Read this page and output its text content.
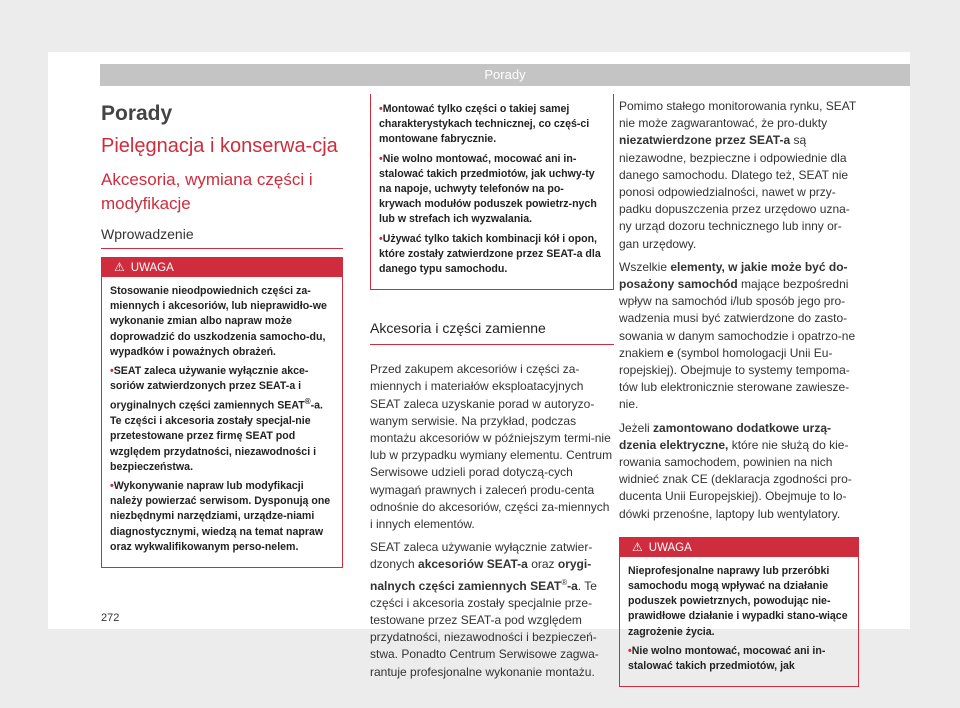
Porady
Porady
Pielęgnacja i konserwa-cja
Akcesoria, wymiana części i modyfikacje
Wprowadzenie
⚠ UWAGA

Stosowanie nieodpowiednich części za-miennych i akcesoriów, lub nieprawidło-we wykonanie zmian albo napraw może doprowadzić do uszkodzenia samocho-du, wypadków i poważnych obrażeń.

• SEAT zaleca używanie wyłącznie akce-soriów zatwierdzonych przez SEAT-a i oryginalnych części zamiennych SEAT®-a. Te części i akcesoria zostały specjal-nie przetestowane przez firmę SEAT pod względem przydatności, niezawodności i bezpieczeństwa.

• Wykonywanie napraw lub modyfikacji należy powierzać serwisom. Dysponują one niezbędnymi narzędziami, urządze-niami diagnostycznymi, wiedzą na temat napraw oraz wykwalifikowanym perso-nelem.

• Montować tylko części o takiej samej charakterystykach technicznej, co częś-ci montowane fabrycznie.

• Nie wolno montować, mocować ani in-stalować takich przedmiotów, jak uchwy-ty na napoje, uchwyty telefonów na po-krywach modułów poduszek powietrz-nych lub w strefach ich wyzwalania.

• Używać tylko takich kombinacji kół i opon, które zostały zatwierdzone przez SEAT-a dla danego typu samochodu.

Akcesoria i części zamienne

Przed zakupem akcesoriów i części za-miennych i materiałów eksploatacyjnych SEAT zaleca uzyskanie porad w autoryzo-wanym serwisie. Na przykład, podczas montażu akcesoriów w późniejszym termi-nie lub w przypadku wymiany elementu. Centrum Serwisowe udzieli porad dotyczą-cych wymagań prawnych i zaleceń produ-centa odnośnie do akcesoriów, części za-miennych i innych elementów.

SEAT zaleca używanie wyłącznie zatwier-dzonych akcesoriów SEAT-a oraz orygi-nalnych części zamiennych SEAT®-a. Te części i akcesoria zostały specjalnie prze-testowane przez SEAT-a pod względem przydatności, niezawodności i bezpieczeń-stwa. Ponadto Centrum Serwisowe zagwa-rantuje profesjonalne wykonanie montażu.

Pomimo stałego monitorowania rynku, SEAT nie może zagwarantować, że pro-dukty niezatwierdzone przez SEAT-a są niezawodne, bezpieczne i odpowiednie dla danego samochodu. Dlatego też, SEAT nie ponosi odpowiedzialności, nawet w przy-padku dopuszczenia przez urzędowo uzna-ny urząd dozoru technicznego lub inny or-gan urzędowy.

Wszelkie elementy, w jakie może być do-posażony samochód mające bezpośredni wpływ na samochód i/lub sposób jego pro-wadzenia musi być zatwierdzone do zasto-sowania w danym samochodzie i opatrzo-ne znakiem e (symbol homologacji Unii Eu-ropejskiej). Obejmuje to systemy tempoma-tów lub elektronicznie sterowane zawiesze-nie.

Jeżeli zamontowano dodatkowe urzą-dzenia elektryczne, które nie służą do kie-rowania samochodem, powinien na nich widnieć znak CE (deklaracja zgodności pro-ducenta Unii Europejskiej). Obejmuje to lo-dówki przenośne, laptopy lub wentylatory.

⚠ UWAGA

Nieprofesjonalne naprawy lub przeróbki samochodu mogą wpływać na działanie poduszek powietrznych, powodując nie-prawidłowe działanie i wypadki stano-wiące zagrożenie życia.

• Nie wolno montować, mocować ani in-stalować takich przedmiotów, jak

272
